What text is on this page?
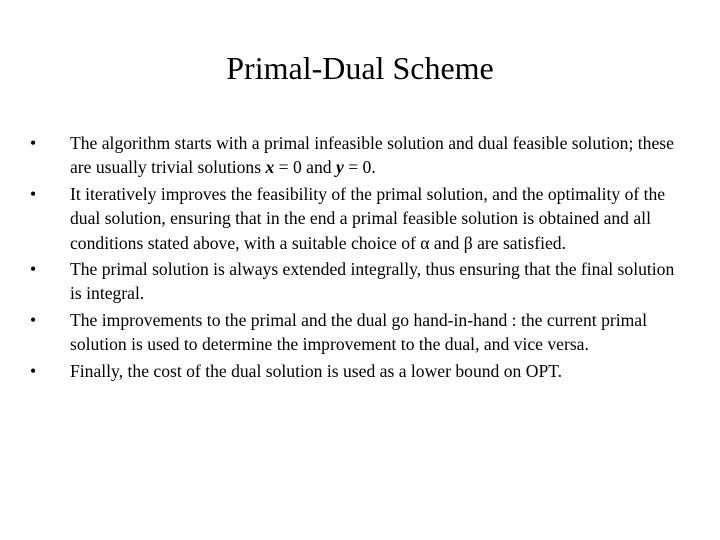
Primal-Dual Scheme
•	The algorithm starts with a primal infeasible solution and dual feasible solution; these are usually trivial solutions x = 0 and y = 0.
•	It iteratively improves the feasibility of the primal solution, and the optimality of the dual solution, ensuring that in the end a primal feasible solution is obtained and all conditions stated above, with a suitable choice of α and β are satisfied.
•	The primal solution is always extended integrally, thus ensuring that the final solution is integral.
•	The improvements to the primal and the dual go hand-in-hand : the current primal solution is used to determine the improvement to the dual, and vice versa.
•	Finally, the cost of the dual solution is used as a lower bound on OPT.
